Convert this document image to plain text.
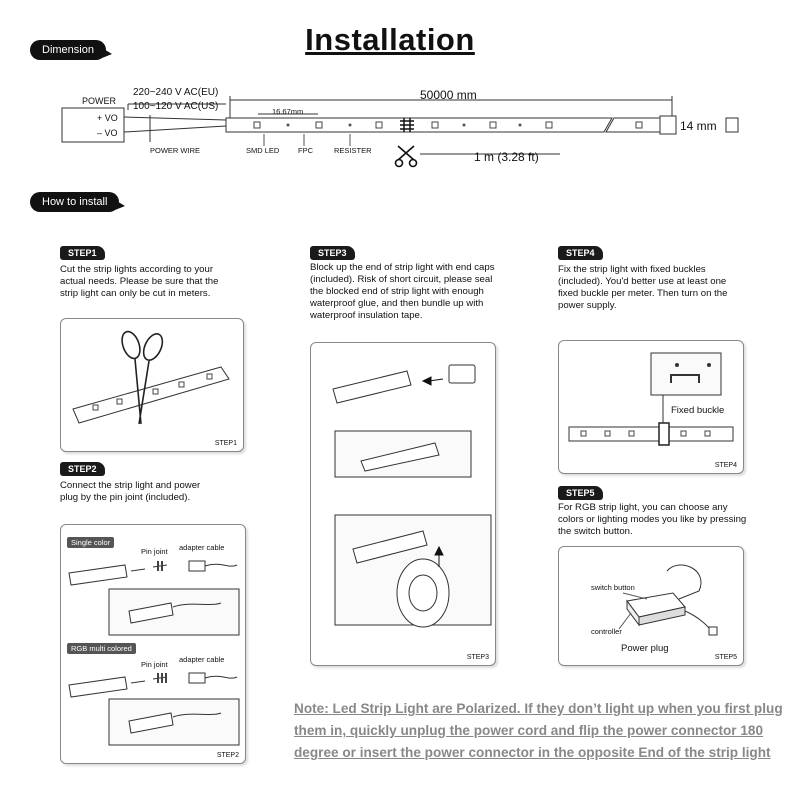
Installation
Dimension
POWER
+ VO
– VO
220~240 V AC(EU)
100~120 V AC(US)
50000 mm
16.67mm
14 mm
1 m (3.28 ft)
POWER WIRE	SMD LED FPC	RESISTER
How to install
STEP1
Cut the strip lights according to your actual needs. Please be sure that the strip light can only be cut in meters.
STEP1
STEP2
Connect the strip light and power plug by the pin joint (included).
Single color
Pin joint adapter cable
RGB multi colored
Pin joint
adapter cable
STEP2
STEP3
Block up the end of strip light with end caps (included). Risk of short circuit, please seal the blocked end of strip light with enough waterproof glue, and then bundle up with waterproof insulation tape.
STEP3
STEP4
Fix the strip light with fixed buckles (included). You'd better use at least one fixed buckle per meter. Then turn on the power supply.
Fixed buckle
STEP4
STEP5
For RGB strip light, you can choose any colors or lighting modes you like by pressing the switch button.
switch button
controller
Power plug
STEP5
Note: Led Strip Light are Polarized. If they don’t light up when you first plug them in, quickly unplug the power cord and flip the power connector 180 degree or insert the power connector in the opposite End of the strip light
